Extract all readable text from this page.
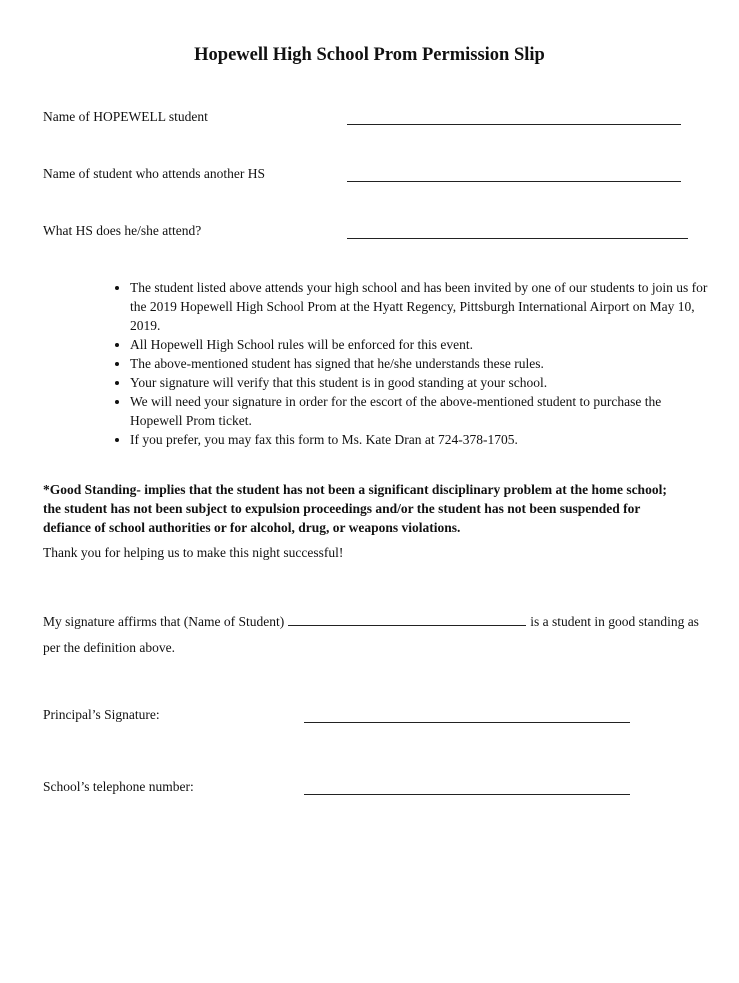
Hopewell High School Prom Permission Slip
Name of HOPEWELL student
Name of student who attends another HS
What HS does he/she attend?
• The student listed above attends your high school and has been invited by one of our students to join us for the 2019 Hopewell High School Prom at the Hyatt Regency, Pittsburgh International Airport on May 10, 2019.
• All Hopewell High School rules will be enforced for this event.
• The above-mentioned student has signed that he/she understands these rules.
• Your signature will verify that this student is in good standing at your school.
• We will need your signature in order for the escort of the above-mentioned student to purchase the Hopewell Prom ticket.
• If you prefer, you may fax this form to Ms. Kate Dran at 724-378-1705.

*Good Standing- implies that the student has not been a significant disciplinary problem at the home school; the student has not been subject to expulsion proceedings and/or the student has not been suspended for defiance of school authorities or for alcohol, drug, or weapons violations.

Thank you for helping us to make this night successful!

My signature affirms that (Name of Student)	is a student in good standing as per the definition above.

Principal’s Signature:
School’s telephone number:
